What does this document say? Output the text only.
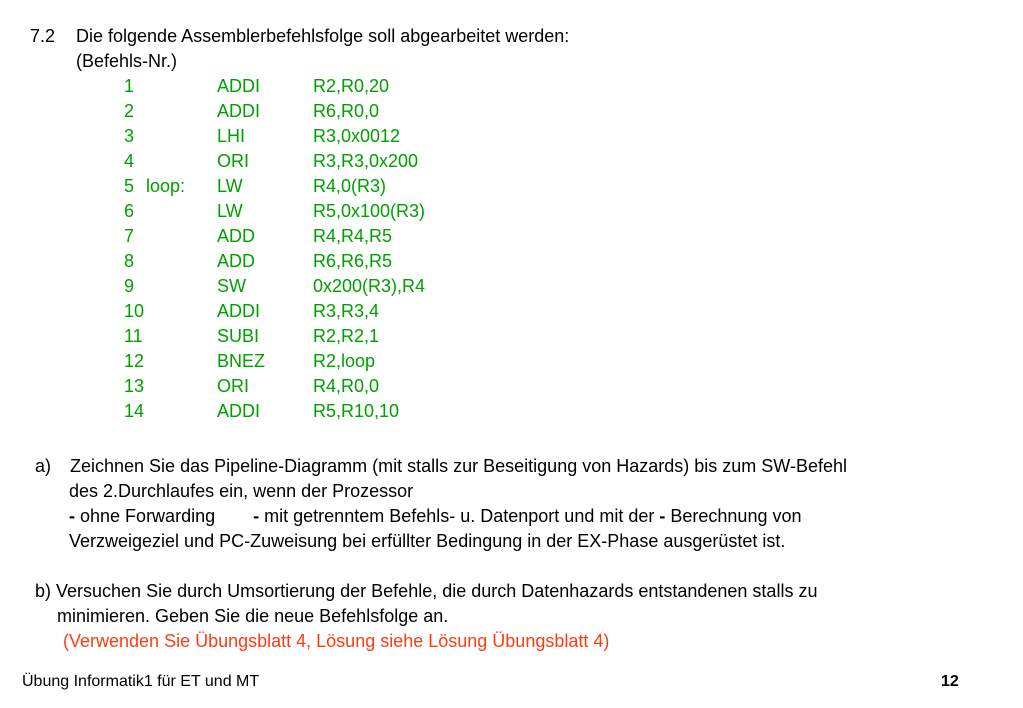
7.2 Die folgende Assemblerbefehlsfolge soll abgearbeitet werden:
(Befehls-Nr.)
1	ADDI	R2,R0,20
2	ADDI	R6,R0,0
3	LHI	R3,0x0012
4	ORI	R3,R3,0x200
5 loop: LW	R4,0(R3)
6	LW	R5,0x100(R3)
7	ADD	R4,R4,R5
8	ADD	R6,R6,R5
9	SW	0x200(R3),R4
10	ADDI	R3,R3,4
11	SUBI	R2,R2,1
12	BNEZ	R2,loop
13	ORI	R4,R0,0
14	ADDI	R5,R10,10
a) Zeichnen Sie das Pipeline-Diagramm (mit stalls zur Beseitigung von Hazards) bis zum SW-Befehl
des 2.Durchlaufes ein, wenn der Prozessor
- ohne Forwarding - mit getrenntem Befehls- u. Datenport und mit der - Berechnung von
Verzweigeziel und PC-Zuweisung bei erfüllter Bedingung in der EX-Phase ausgerüstet ist.
b) Versuchen Sie durch Umsortierung der Befehle, die durch Datenhazards entstandenen stalls zu
minimieren. Geben Sie die neue Befehlsfolge an.
(Verwenden Sie Übungsblatt 4, Lösung siehe Lösung Übungsblatt 4)
Übung Informatik1 für ET und MT	12
